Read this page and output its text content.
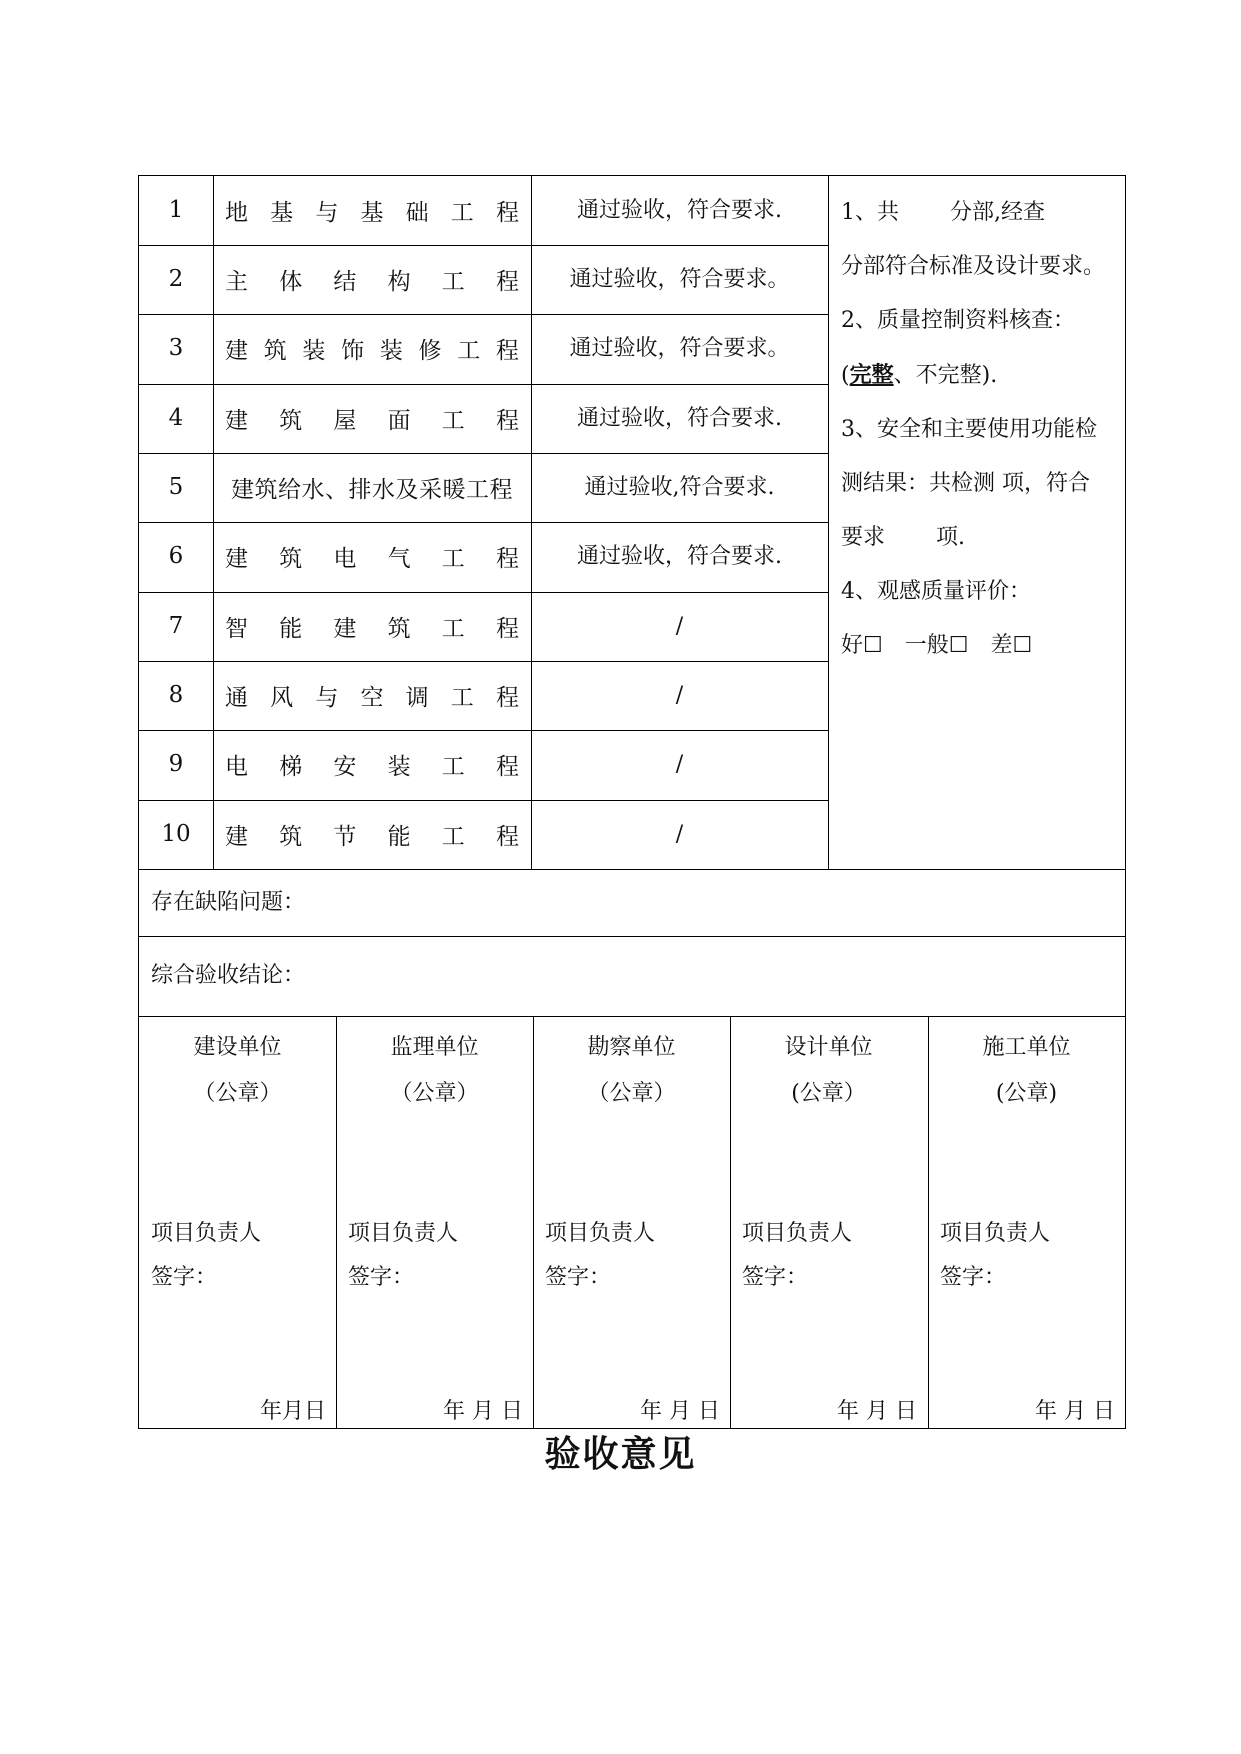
1	地 基 与 基 础 工 程	通过验收，符合要求.
2	主 体 结 构 工 程	通过验收，符合要求。
3	建 筑 装 饰 装 修 工 程	通过验收，符合要求。
4	建 筑 屋 面 工 程	通过验收，符合要求.
5	建筑给水、排水及采暖工程	通过验收,符合要求.
6	建 筑 电 气 工 程	通过验收，符合要求.
7	智 能 建 筑 工 程	/
8	通 风 与 空 调 工 程	/
9	电 梯 安 装 工 程	/
10	建 筑 节 能 工 程	/
1、共　　 分部,经查
分部符合标准及设计要求。
2、质量控制资料核查：
(完整、不完整).
3、安全和主要使用功能检
测结果：共检测 项，符合
要求　　 项.
4、观感质量评价：
好☐　一般☐　差☐
存在缺陷问题：
综合验收结论：
建设单位
（公章）
项目负责人
签字：
年月日
监理单位
（公章）
项目负责人
签字：
年 月 日
勘察单位
（公章）
项目负责人
签字：
年 月 日
设计单位
(公章）
项目负责人
签字：
年 月 日
施工单位
(公章)
项目负责人
签字：
年 月 日
验收意见
